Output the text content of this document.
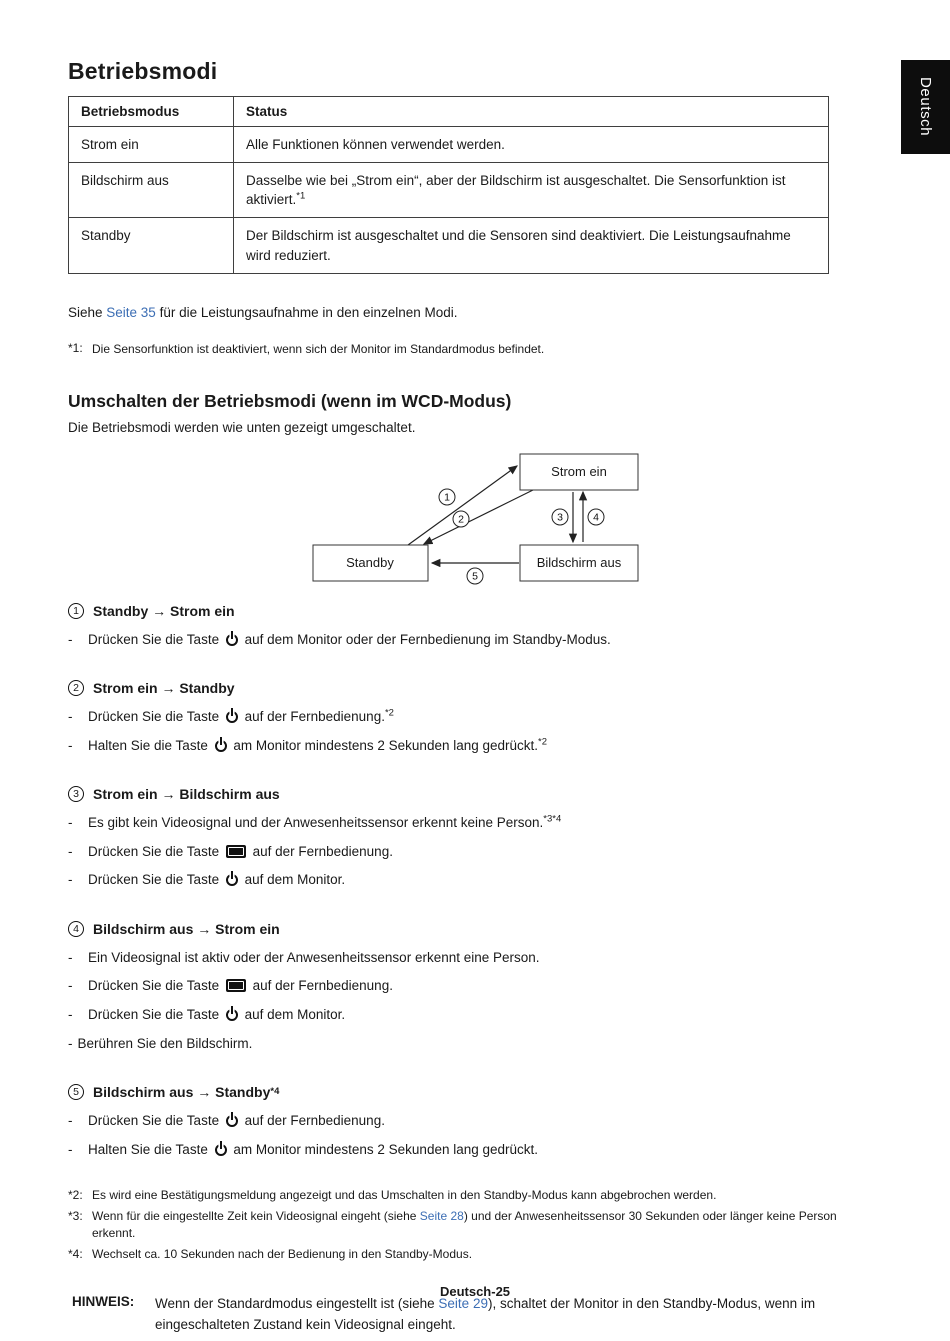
Deutsch
Betriebsmodi
Betriebsmodus	Status
Strom ein	Alle Funktionen können verwendet werden.
Bildschirm aus	Dasselbe wie bei „Strom ein“, aber der Bildschirm ist ausgeschaltet. Die Sensorfunktion ist aktiviert.$^{*1}$
Standby	Der Bildschirm ist ausgeschaltet und die Sensoren sind deaktiviert. Die Leistungsaufnahme wird reduziert.

Siehe Seite 35 für die Leistungsaufnahme in den einzelnen Modi.

*1: Die Sensorfunktion ist deaktiviert, wenn sich der Monitor im Standardmodus befindet.
Umschalten der Betriebsmodi (wenn im WCD-Modus)

Die Betriebsmodi werden wie unten gezeigt umgeschaltet.

Strom ein
Standby	Bildschirm aus
1
2	3	4
5
1	Standby → Strom ein
-	Drücken Sie die Taste  auf dem Monitor oder der Fernbedienung im Standby-Modus.
2	Strom ein → Standby
-	Drücken Sie die Taste  auf der Fernbedienung.$^{*2}$
-	Halten Sie die Taste  am Monitor mindestens 2 Sekunden lang gedrückt.$^{*2}$
3	Strom ein → Bildschirm aus
-	Es gibt kein Videosignal und der Anwesenheitssensor erkennt keine Person.$^{*3*4}$
-	Drücken Sie die Taste  auf der Fernbedienung.
-	Drücken Sie die Taste  auf dem Monitor.
4	Bildschirm aus → Strom ein
-	Ein Videosignal ist aktiv oder der Anwesenheitssensor erkennt eine Person.
-	Drücken Sie die Taste  auf der Fernbedienung.
-	Drücken Sie die Taste  auf dem Monitor.
- Berühren Sie den Bildschirm.
5	Bildschirm aus → Standby *4
-	Drücken Sie die Taste  auf der Fernbedienung.
-	Halten Sie die Taste  am Monitor mindestens 2 Sekunden lang gedrückt.
*2: Es wird eine Bestätigungsmeldung angezeigt und das Umschalten in den Standby-Modus kann abgebrochen werden.
*3: Wenn für die eingestellte Zeit kein Videosignal eingeht (siehe Seite 28) und der Anwesenheitssensor 30 Sekunden oder länger keine Person erkennt.
*4: Wechselt ca. 10 Sekunden nach der Bedienung in den Standby-Modus.
HINWEIS:	Wenn der Standardmodus eingestellt ist (siehe Seite 29), schaltet der Monitor in den Standby-Modus, wenn im eingeschalteten Zustand kein Videosignal eingeht.
Deutsch-25
